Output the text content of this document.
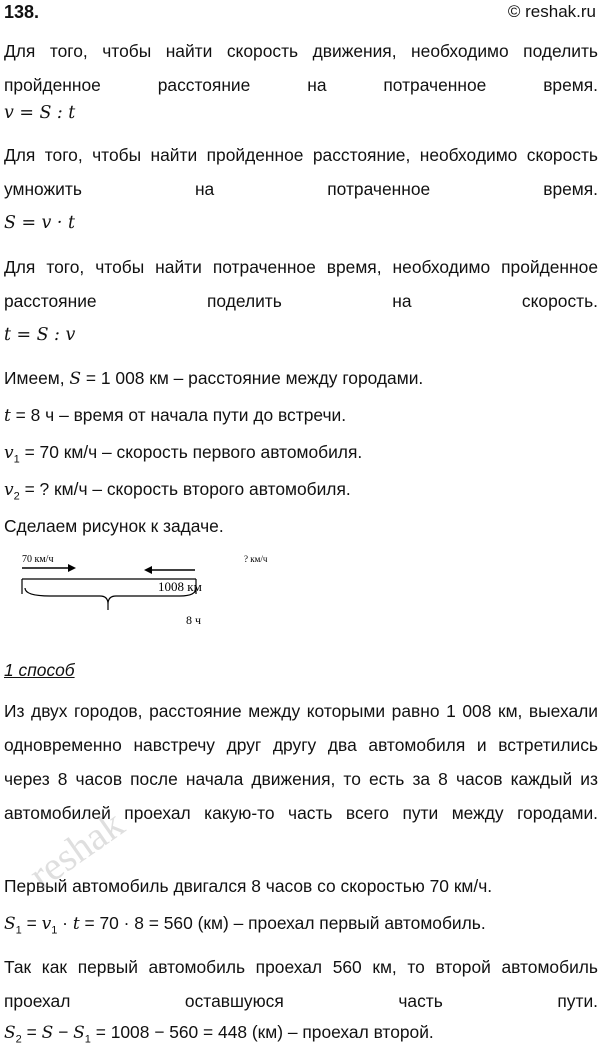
138.	© reshak.ru
Для того, чтобы найти скорость движения, необходимо поделить пройденное расстояние на потраченное время.
v = S : t
Для того, чтобы найти пройденное расстояние, необходимо скорость умножить на потраченное время.
S = v · t
Для того, чтобы найти потраченное время, необходимо пройденное расстояние поделить на скорость.
t = S : v
Имеем, S = 1 008 км – расстояние между городами.
t = 8 ч – время от начала пути до встречи.
$v_1 = 70$ км/ч – скорость первого автомобиля.
$v_2$ = ? км/ч – скорость второго автомобиля.
Сделаем рисунок к задаче.
70 км/ч	? км/ч
1008 км
8 ч
1 способ
Из двух городов, расстояние между которыми равно 1 008 км, выехали одновременно навстречу друг другу два автомобиля и встретились через 8 часов после начала движения, то есть за 8 часов каждый из автомобилей проехал какую-то часть всего пути между городами.
Первый автомобиль двигался 8 часов со скоростью 70 км/ч.
$S_1 = v_1 \cdot t = 70 \cdot 8 = 560$ (км) – проехал первый автомобиль.
Так как первый автомобиль проехал 560 км, то второй автомобиль проехал оставшуюся часть пути.
$S_2 = S - S_1 = 1008 - 560 = 448$ (км) – проехал второй.
reshak
